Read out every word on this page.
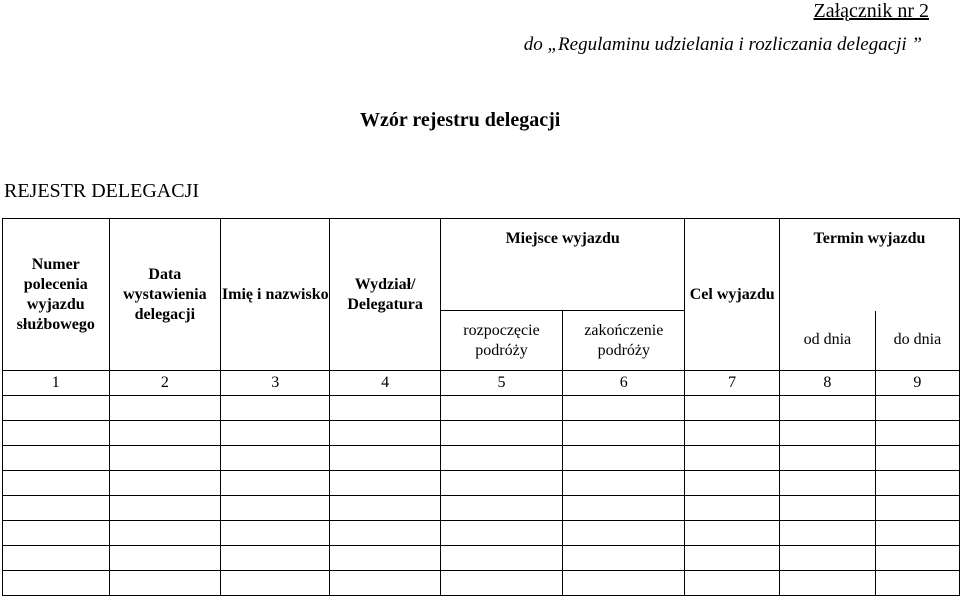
Załącznik nr 2
do „Regulaminu udzielania i rozliczania delegacji ”
Wzór rejestru delegacji
REJESTR DELEGACJI
Numer polecenia wyjazdu służbowego	Data wystawienia delegacji	Imię i nazwisko	Wydział/ Delegatura	Miejsce wyjazdu		Cel wyjazdu	Termin wyjazdu	
				rozpoczęcie podróży	zakończenie podróży		od dnia	do dnia
1	2	3	4	5	6	7	8	9
